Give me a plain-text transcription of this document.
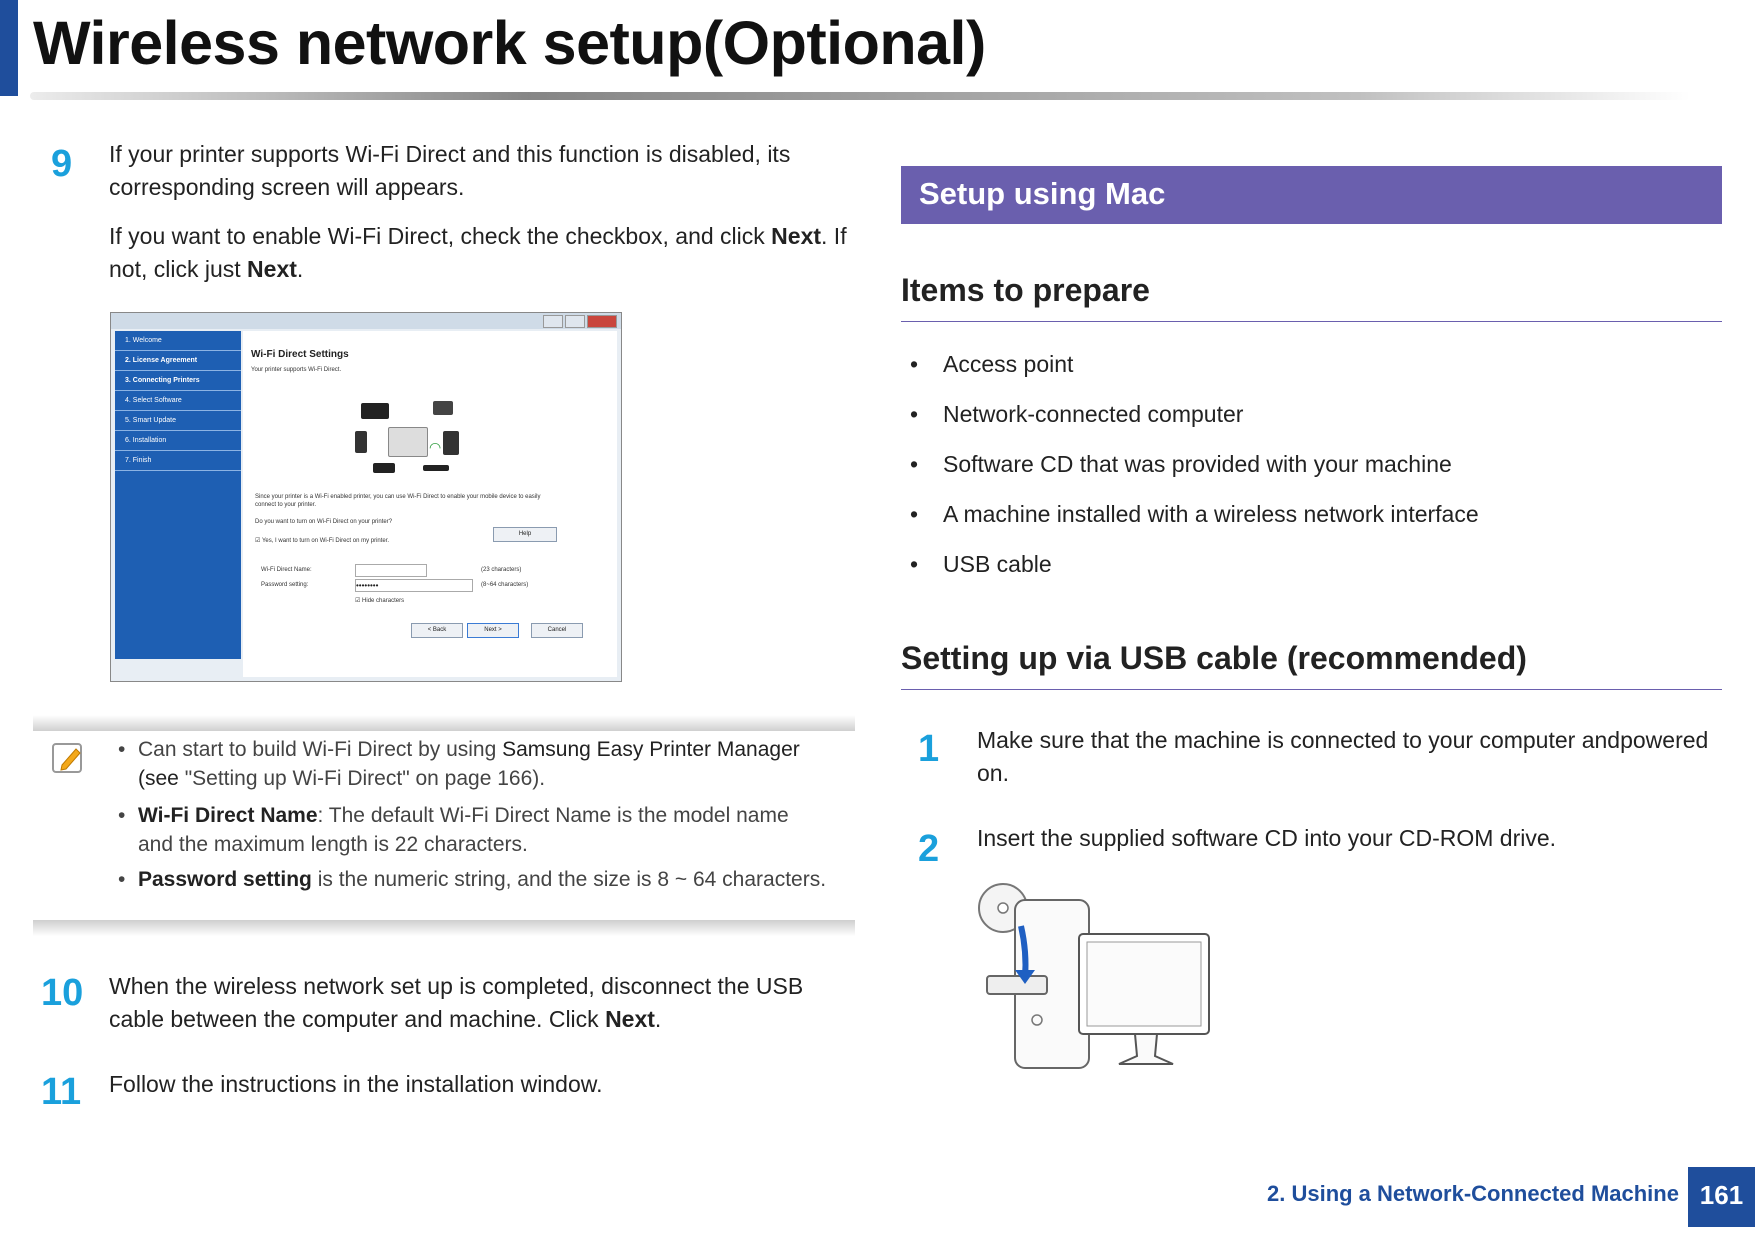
Wireless network setup(Optional)
9 If your printer supports Wi-Fi Direct and this function is disabled, its corresponding screen will appears.
If you want to enable Wi-Fi Direct, check the checkbox, and click Next. If not, click just Next.
1. Welcome
2. License Agreement
3. Connecting Printers
4. Select Software
5. Smart Update
6. Installation
7. Finish
Wi-Fi Direct Settings
Your printer supports Wi-Fi Direct.
◠
Since your printer is a Wi-Fi enabled printer, you can use Wi-Fi Direct to enable your mobile device to easily connect to your printer.
Do you want to turn on Wi-Fi Direct on your printer?
Help
☑ Yes, I want to turn on Wi-Fi Direct on my printer.
Wi-Fi Direct Name:	(23 characters)
Password setting:	••••••••	(8~64 characters)
☑ Hide characters
< Back	Next >	Cancel
• Can start to build Wi-Fi Direct by using Samsung Easy Printer Manager
(see "Setting up Wi-Fi Direct" on page 166).
• Wi-Fi Direct Name: The default Wi-Fi Direct Name is the model name
and the maximum length is 22 characters.
• Password setting is the numeric string, and the size is 8 ~ 64 characters.
10 When the wireless network set up is completed, disconnect the USB
cable between the computer and machine. Click Next.
11 Follow the instructions in the installation window.
Setup using Mac
Items to prepare
• Access point
• Network-connected computer
• Software CD that was provided with your machine
• A machine installed with a wireless network interface
• USB cable
Setting up via USB cable (recommended)
1 Make sure that the machine is connected to your computer andpowered
on.
2 Insert the supplied software CD into your CD-ROM drive.
2. Using a Network-Connected Machine 161
